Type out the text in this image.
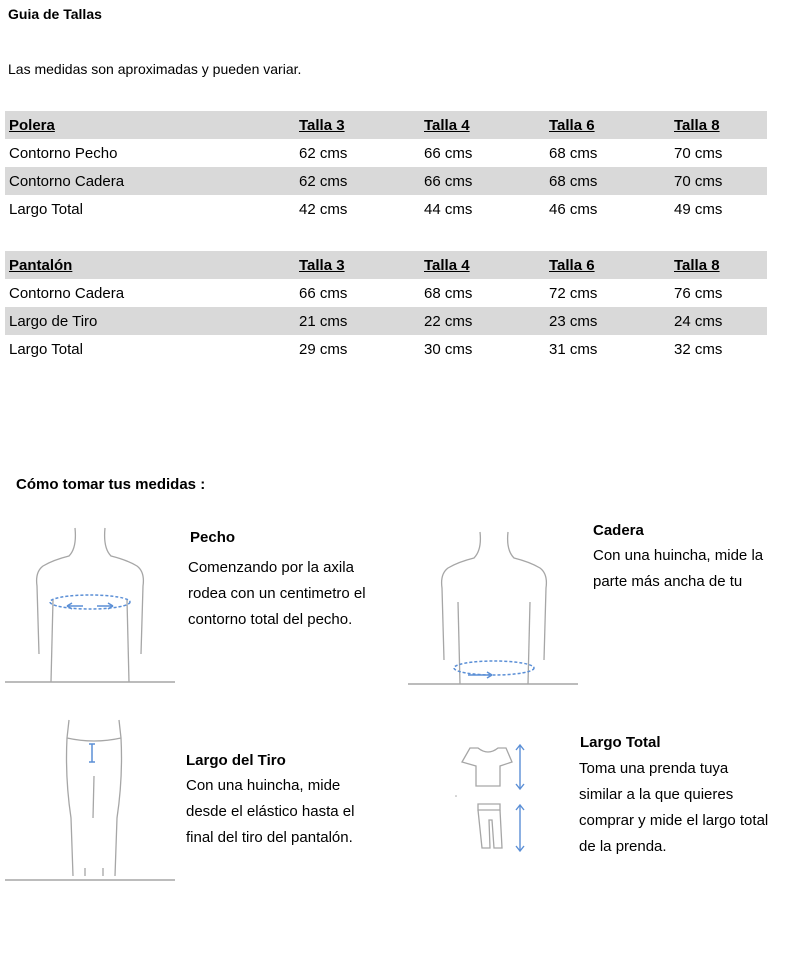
Guia de Tallas
Las medidas son aproximadas y pueden variar.
Polera	Talla 3	Talla 4	Talla 6	Talla 8
Contorno Pecho	62 cms	66 cms	68 cms	70 cms
Contorno Cadera	62 cms	66 cms	68 cms	70 cms
Largo Total	42 cms	44 cms	46 cms	49 cms
Pantalón	Talla 3	Talla 4	Talla 6	Talla 8
Contorno Cadera	66 cms	68 cms	72 cms	76 cms
Largo de Tiro	21 cms	22 cms	23 cms	24 cms
Largo Total	29 cms	30 cms	31 cms	32 cms
Cómo tomar tus medidas :
Pecho
Comenzando por la axila
rodea con un centimetro el
contorno total del pecho.
Cadera
Con una huincha, mide la
parte más ancha de tu
Largo del Tiro
Con una huincha, mide
desde el elástico hasta el
final del tiro del pantalón.
Largo Total
Toma una prenda tuya
similar a la que quieres
comprar y mide el largo total
de la prenda.
